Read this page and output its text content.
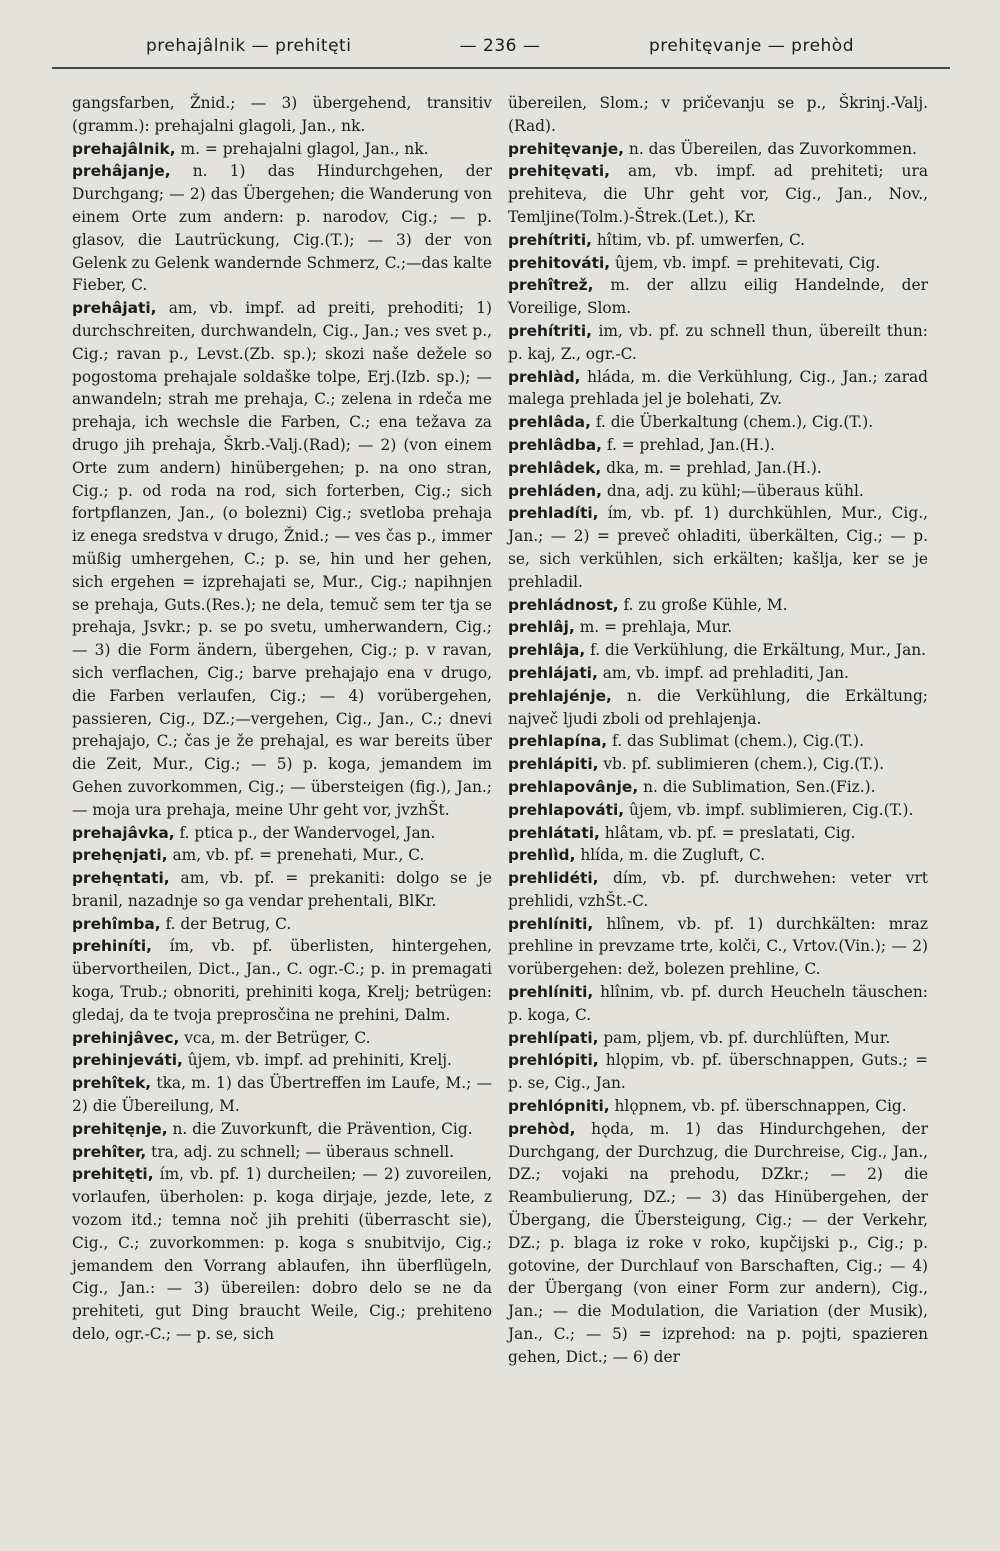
prehajâlnik — prehitęti	— 236 —	prehitęvanje — prehòd

gangsfarben, Žnid.; — 3) übergehend, transitiv (gramm.): prehajalni glagoli, Jan., nk.

prehajâlnik, m. = prehajalni glagol, Jan., nk.

prehâjanje, n. 1) das Hindurchgehen, der Durchgang; — 2) das Übergehen; die Wanderung von einem Orte zum andern: p. narodov, Cig.; — p. glasov, die Lautrückung, Cig.(T.); — 3) der von Gelenk zu Gelenk wandernde Schmerz, C.;—das kalte Fieber, C.

prehâjati, am, vb. impf. ad preiti, prehoditi; 1) durchschreiten, durchwandeln, Cig., Jan.; ves svet p., Cig.; ravan p., Levst.(Zb. sp.); skozi naše dežele so pogostoma prehajale soldaške tolpe, Erj.(Izb. sp.); — anwandeln; strah me prehaja, C.; zelena in rdeča me prehaja, ich wechsle die Farben, C.; ena težava za drugo jih prehaja, Škrb.-Valj.(Rad); — 2) (von einem Orte zum andern) hinübergehen; p. na ono stran, Cig.; p. od roda na rod, sich forterben, Cig.; sich fortpflanzen, Jan., (o bolezni) Cig.; svetloba prehaja iz enega sredstva v drugo, Žnid.; — ves čas p., immer müßig umhergehen, C.; p. se, hin und her gehen, sich ergehen = izprehajati se, Mur., Cig.; napihnjen se prehaja, Guts.(Res.); ne dela, temuč sem ter tja se prehaja, Jsvkr.; p. se po svetu, umherwandern, Cig.; — 3) die Form ändern, übergehen, Cig.; p. v ravan, sich verflachen, Cig.; barve prehajajo ena v drugo, die Farben verlaufen, Cig.; — 4) vorübergehen, passieren, Cig., DZ.;—vergehen, Cig., Jan., C.; dnevi prehajajo, C.; čas je že prehajal, es war bereits über die Zeit, Mur., Cig.; — 5) p. koga, jemandem im Gehen zuvorkommen, Cig.; — übersteigen (fig.), Jan.; — moja ura prehaja, meine Uhr geht vor, jvzhŠt.

prehajâvka, f. ptica p., der Wandervogel, Jan.

prehęnjati, am, vb. pf. = prenehati, Mur., C.

prehęntati, am, vb. pf. = prekaniti: dolgo se je branil, nazadnje so ga vendar prehentali, BlKr.

prehîmba, f. der Betrug, C.

prehiníti, ím, vb. pf. überlisten, hintergehen, übervortheilen, Dict., Jan., C. ogr.-C.; p. in premagati koga, Trub.; obnoriti, prehiniti koga, Krelj; betrügen: gledaj, da te tvoja preprosčina ne prehini, Dalm.

prehinjâvec, vca, m. der Betrüger, C.

prehinjeváti, ûjem, vb. impf. ad prehiniti, Krelj.

prehîtek, tka, m. 1) das Übertreffen im Laufe, M.; — 2) die Übereilung, M.

prehitęnje, n. die Zuvorkunft, die Prävention, Cig.

prehîter, tra, adj. zu schnell; — überaus schnell.

prehitęti, ím, vb. pf. 1) durcheilen; — 2) zuvoreilen, vorlaufen, überholen: p. koga dirjaje, jezde, lete, z vozom itd.; temna noč jih prehiti (überrascht sie), Cig., C.; zuvorkommen: p. koga s snubitvijo, Cig.; jemandem den Vorrang ablaufen, ihn überflügeln, Cig., Jan.: — 3) übereilen: dobro delo se ne da prehiteti, gut Ding braucht Weile, Cig.; prehiteno delo, ogr.-C.; — p. se, sich

übereilen, Slom.; v pričevanju se p., Škrinj.-Valj.(Rad).

prehitęvanje, n. das Übereilen, das Zuvorkommen.

prehitęvati, am, vb. impf. ad prehiteti; ura prehiteva, die Uhr geht vor, Cig., Jan., Nov., Temljine(Tolm.)-Štrek.(Let.), Kr.

prehítriti, hîtim, vb. pf. umwerfen, C.

prehitováti, ûjem, vb. impf. = prehitevati, Cig.

prehîtrež, m. der allzu eilig Handelnde, der Voreilige, Slom.

prehítriti, im, vb. pf. zu schnell thun, übereilt thun: p. kaj, Z., ogr.-C.

prehlàd, hláda, m. die Verkühlung, Cig., Jan.; zarad malega prehlada jel je bolehati, Zv.

prehlâda, f. die Überkaltung (chem.), Cig.(T.).

prehlâdba, f. = prehlad, Jan.(H.).

prehlâdek, dka, m. = prehlad, Jan.(H.).

prehláden, dna, adj. zu kühl;—überaus kühl.

prehladíti, ím, vb. pf. 1) durchkühlen, Mur., Cig., Jan.; — 2) = preveč ohladiti, überkälten, Cig.; — p. se, sich verkühlen, sich erkälten; kašlja, ker se je prehladil.

prehládnost, f. zu große Kühle, M.

prehlâj, m. = prehlaja, Mur.

prehlâja, f. die Verkühlung, die Erkältung, Mur., Jan.

prehlájati, am, vb. impf. ad prehladiti, Jan.

prehlajénje, n. die Verkühlung, die Erkältung; največ ljudi zboli od prehlajenja.

prehlapína, f. das Sublimat (chem.), Cig.(T.).

prehlápiti, vb. pf. sublimieren (chem.), Cig.(T.).

prehlapovânje, n. die Sublimation, Sen.(Fiz.).

prehlapováti, ûjem, vb. impf. sublimieren, Cig.(T.).

prehlátati, hlâtam, vb. pf. = preslatati, Cig.

prehlìd, hlída, m. die Zugluft, C.

prehlidéti, dím, vb. pf. durchwehen: veter vrt prehlidi, vzhŠt.-C.

prehlíniti, hlînem, vb. pf. 1) durchkälten: mraz prehline in prevzame trte, kolči, C., Vrtov.(Vin.); — 2) vorübergehen: dež, bolezen prehline, C.

prehlíniti, hlînim, vb. pf. durch Heucheln täuschen: p. koga, C.

prehlípati, pam, pljem, vb. pf. durchlüften, Mur.

prehlópiti, hlǫpim, vb. pf. überschnappen, Guts.; = p. se, Cig., Jan.

prehlópniti, hlǫpnem, vb. pf. überschnappen, Cig.

prehòd, hǫda, m. 1) das Hindurchgehen, der Durchgang, der Durchzug, die Durchreise, Cig., Jan., DZ.; vojaki na prehodu, DZkr.; — 2) die Reambulierung, DZ.; — 3) das Hinübergehen, der Übergang, die Übersteigung, Cig.; — der Verkehr, DZ.; p. blaga iz roke v roko, kupčijski p., Cig.; p. gotovine, der Durchlauf von Barschaften, Cig.; — 4) der Übergang (von einer Form zur andern), Cig., Jan.; — die Modulation, die Variation (der Musik), Jan., C.; — 5) = izprehod: na p. pojti, spazieren gehen, Dict.; — 6) der
